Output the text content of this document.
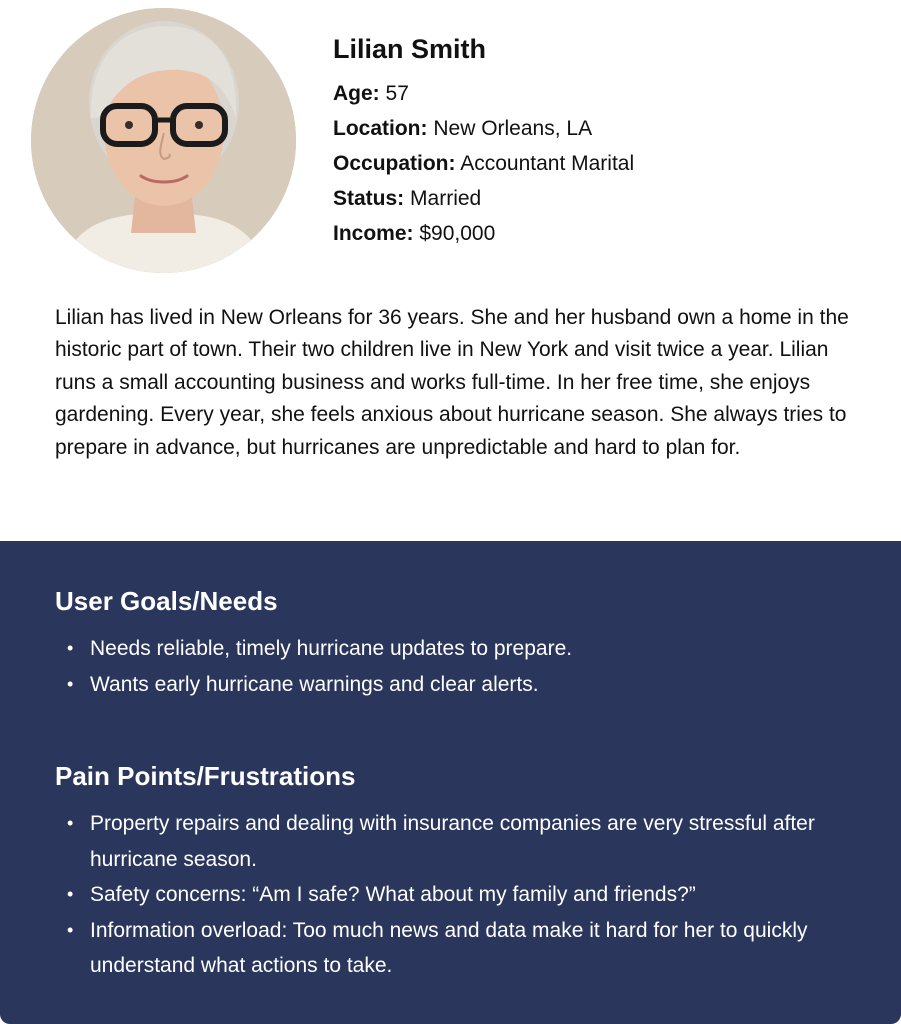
Lilian Smith
Age: 57
Location: New Orleans, LA
Occupation: Accountant Marital
Status: Married
Income: $90,000

Lilian has lived in New Orleans for 36 years. She and her husband own a home in the historic part of town. Their two children live in New York and visit twice a year. Lilian runs a small accounting business and works full-time. In her free time, she enjoys gardening. Every year, she feels anxious about hurricane season. She always tries to prepare in advance, but hurricanes are unpredictable and hard to plan for.

User Goals/Needs
• Needs reliable, timely hurricane updates to prepare.
• Wants early hurricane warnings and clear alerts.
Pain Points/Frustrations
• Property repairs and dealing with insurance companies are very stressful after hurricane season.
• Safety concerns: “Am I safe? What about my family and friends?”
• Information overload: Too much news and data make it hard for her to quickly understand what actions to take.
